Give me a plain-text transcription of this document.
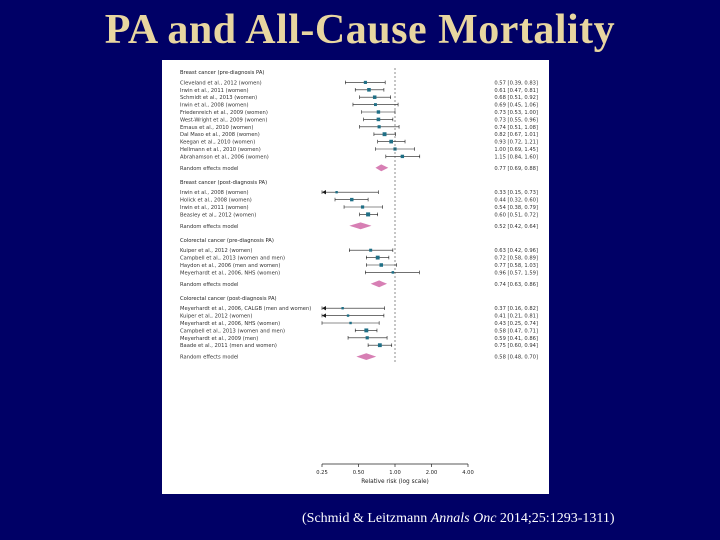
PA and All-Cause Mortality
Breast cancer (pre-diagnosis PA)
Cleveland et al., 2012 (women)	0.57 [0.39, 0.83]
Irwin et al., 2011 (women)	0.61 [0.47, 0.81]
Schmidt et al., 2013 (women)	0.68 [0.51, 0.92]
Irwin et al., 2008 (women)	0.69 [0.45, 1.06]
Friedenreich et al., 2009 (women)	0.73 [0.53, 1.00]
West-Wright et al., 2009 (women)	0.73 [0.55, 0.96]
Emaus et al., 2010 (women)	0.74 [0.51, 1.08]
Dal Maso et al., 2008 (women)	0.82 [0.67, 1.01]
Keegan et al., 2010 (women)	0.93 [0.72, 1.21]
Hellmann et al., 2010 (women)	1.00 [0.69, 1.45]
Abrahamson et al., 2006 (women)	1.15 [0.84, 1.60]
Random effects model	0.77 [0.69, 0.88]
Breast cancer (post-diagnosis PA)
Irwin et al., 2008 (women)	0.33 [0.15, 0.73]
Holick et al., 2008 (women)	0.44 [0.32, 0.60]
Irwin et al., 2011 (women)	0.54 [0.38, 0.79]
Beasley et al., 2012 (women)	0.60 [0.51, 0.72]
Random effects model	0.52 [0.42, 0.64]
Colorectal cancer (pre-diagnosis PA)
Kuiper et al., 2012 (women)	0.63 [0.42, 0.96]
Campbell et al., 2013 (women and men)	0.72 [0.58, 0.89]
Haydon et al., 2006 (men and women)	0.77 [0.58, 1.03]
Meyerhardt et al., 2006, NHS (women)	0.96 [0.57, 1.59]
Random effects model	0.74 [0.63, 0.86]
Colorectal cancer (post-diagnosis PA)
Meyerhardt et al., 2006, CALGB (men and women)	0.37 [0.16, 0.82]
Kuiper et al., 2012 (women)	0.41 [0.21, 0.81]
Meyerhardt et al., 2006, NHS (women)	0.43 [0.25, 0.74]
Campbell et al., 2013 (women and men)	0.58 [0.47, 0.71]
Meyerhardt et al., 2009 (men)	0.59 [0.41, 0.86]
Baade et al., 2011 (men and women)	0.75 [0.60, 0.94]
Random effects model	0.58 [0.48, 0.70]
0.25	0.50	1.00	2.00	4.00
Relative risk (log scale)
(Schmid & Leitzmann Annals Onc 2014;25:1293-1311)
